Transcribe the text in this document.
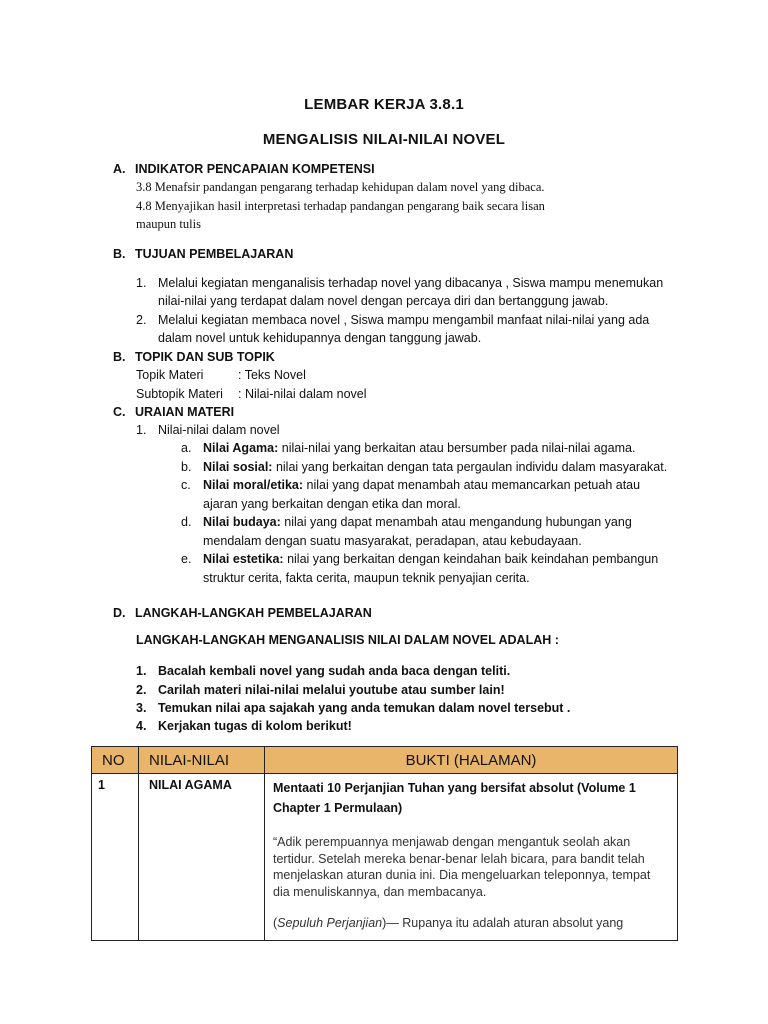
LEMBAR KERJA 3.8.1
MENGALISIS NILAI-NILAI NOVEL
A. INDIKATOR PENCAPAIAN KOMPETENSI
3.8 Menafsir pandangan pengarang terhadap kehidupan dalam novel yang dibaca.
4.8 Menyajikan hasil interpretasi terhadap pandangan pengarang baik secara lisan
maupun tulis
B. TUJUAN PEMBELAJARAN
1. Melalui kegiatan menganalisis terhadap novel yang dibacanya , Siswa mampu menemukan
nilai-nilai yang terdapat dalam novel dengan percaya diri dan bertanggung jawab.
2. Melalui kegiatan membaca novel , Siswa mampu mengambil manfaat nilai-nilai yang ada
dalam novel untuk kehidupannya dengan tanggung jawab.
B. TOPIK DAN SUB TOPIK
Topik Materi	: Teks Novel
Subtopik Materi : Nilai-nilai dalam novel
C. URAIAN MATERI
1. Nilai-nilai dalam novel
a. Nilai Agama: nilai-nilai yang berkaitan atau bersumber pada nilai-nilai agama.
b. Nilai sosial: nilai yang berkaitan dengan tata pergaulan individu dalam masyarakat.
c. Nilai moral/etika: nilai yang dapat menambah atau memancarkan petuah atau
ajaran yang berkaitan dengan etika dan moral.
d. Nilai budaya: nilai yang dapat menambah atau mengandung hubungan yang
mendalam dengan suatu masyarakat, peradapan, atau kebudayaan.
e. Nilai estetika: nilai yang berkaitan dengan keindahan baik keindahan pembangun
struktur cerita, fakta cerita, maupun teknik penyajian cerita.
D. LANGKAH-LANGKAH PEMBELAJARAN
LANGKAH-LANGKAH MENGANALISIS NILAI DALAM NOVEL ADALAH :
1. Bacalah kembali novel yang sudah anda baca dengan teliti.
2. Carilah materi nilai-nilai melalui youtube atau sumber lain!
3. Temukan nilai apa sajakah yang anda temukan dalam novel tersebut .
4. Kerjakan tugas di kolom berikut!
NO	NILAI-NILAI	BUKTI (HALAMAN)
1	NILAI AGAMA	Mentaati 10 Perjanjian Tuhan yang bersifat absolut (Volume 1 Chapter 1 Permulaan)
“Adik perempuannya menjawab dengan mengantuk seolah akan tertidur. Setelah mereka benar-benar lelah bicara, para bandit telah menjelaskan aturan dunia ini. Dia mengeluarkan teleponnya, tempat dia menuliskannya, dan membacanya.
(Sepuluh Perjanjian)— Rupanya itu adalah aturan absolut yang
